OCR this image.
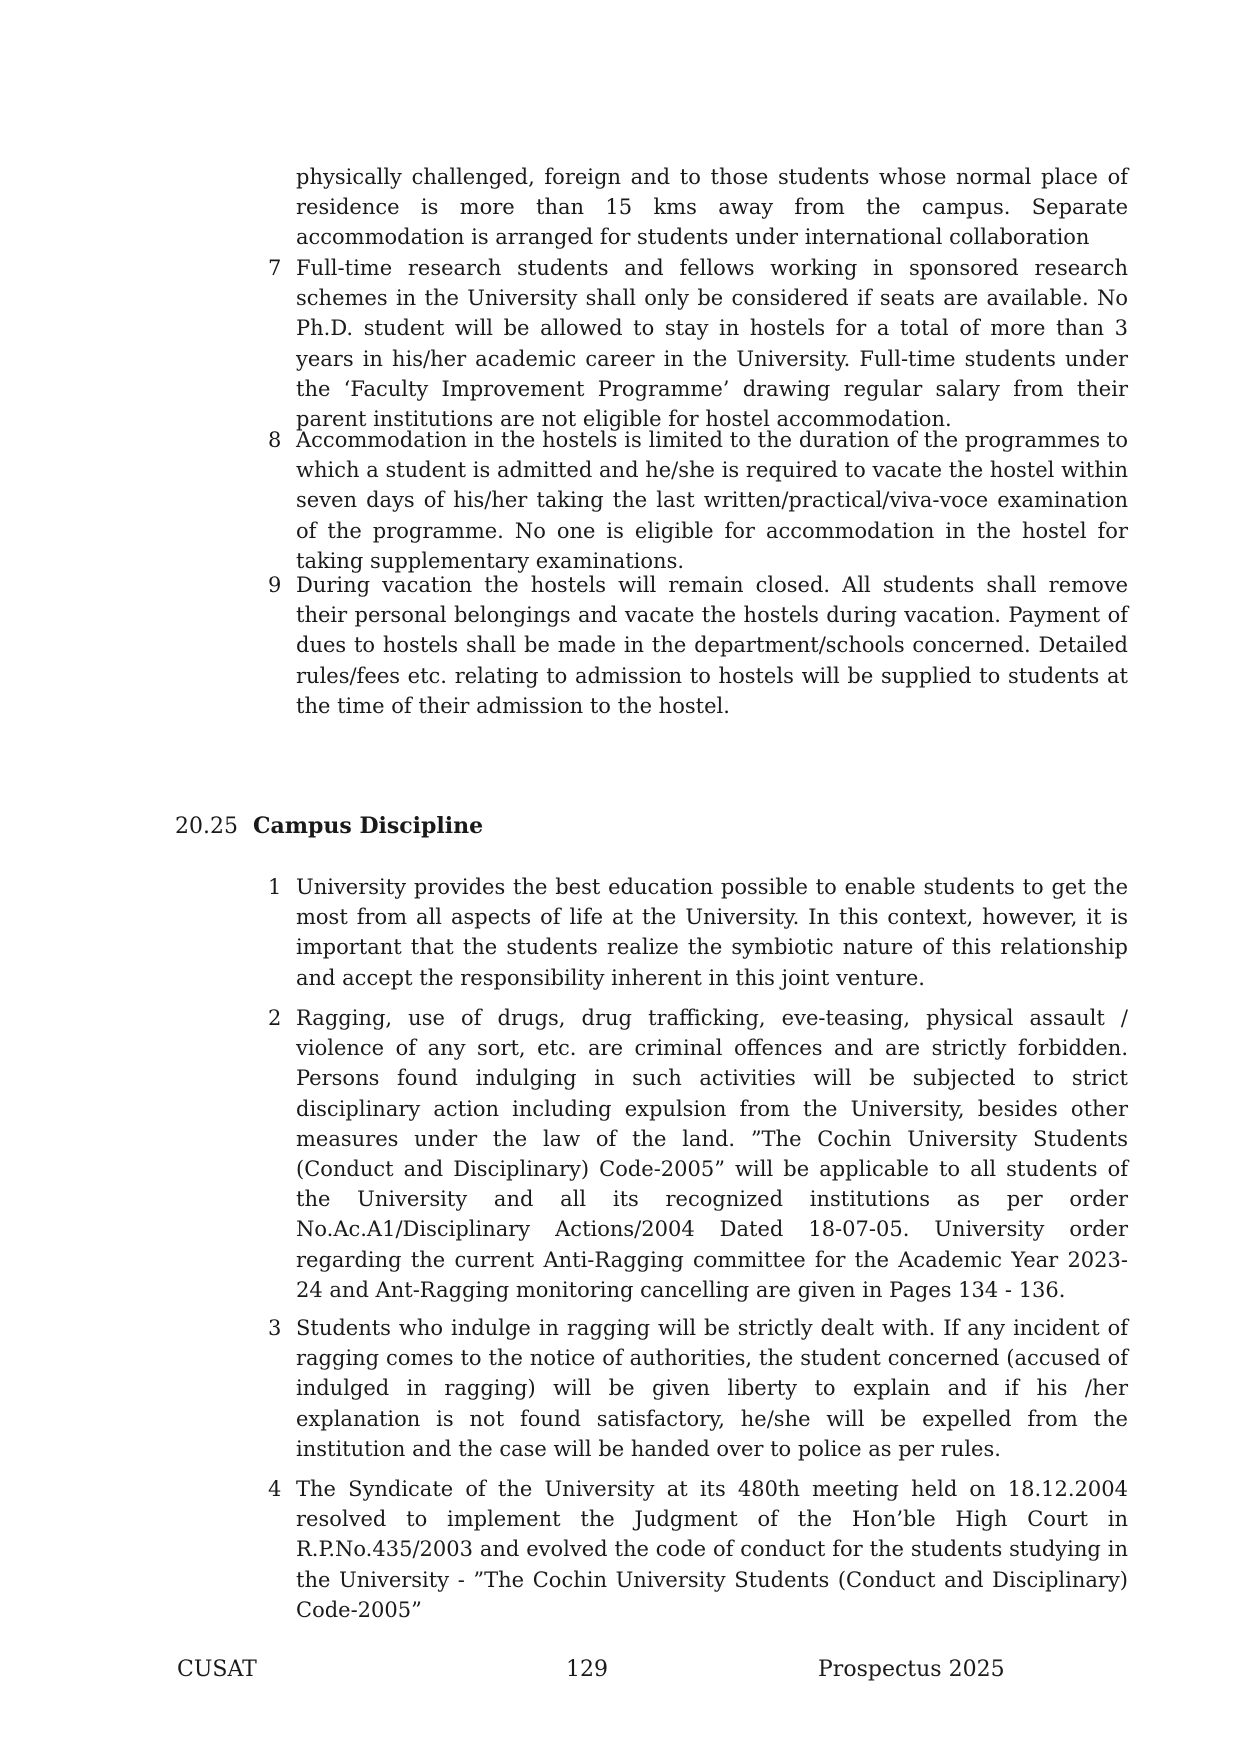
physically challenged, foreign and to those students whose normal place of residence is more than 15 kms away from the campus. Separate accommodation is arranged for students under international collaboration

7 Full-time research students and fellows working in sponsored research schemes in the University shall only be considered if seats are available. No Ph.D. student will be allowed to stay in hostels for a total of more than 3 years in his/her academic career in the University. Full-time students under the ‘Faculty Improvement Programme’ drawing regular salary from their parent institutions are not eligible for hostel accommodation.
8 Accommodation in the hostels is limited to the duration of the programmes to which a student is admitted and he/she is required to vacate the hostel within seven days of his/her taking the last written/practical/viva-voce examination of the programme. No one is eligible for accommodation in the hostel for taking supplementary examinations.
9 During vacation the hostels will remain closed. All students shall remove their personal belongings and vacate the hostels during vacation. Payment of dues to hostels shall be made in the department/schools concerned. Detailed rules/fees etc. relating to admission to hostels will be supplied to students at the time of their admission to the hostel.
20.25 Campus Discipline
1 University provides the best education possible to enable students to get the most from all aspects of life at the University. In this context, however, it is important that the students realize the symbiotic nature of this relationship and accept the responsibility inherent in this joint venture.
2 Ragging, use of drugs, drug trafficking, eve-teasing, physical assault / violence of any sort, etc. are criminal offences and are strictly forbidden. Persons found indulging in such activities will be subjected to strict disciplinary action including expulsion from the University, besides other measures under the law of the land. ”The Cochin University Students (Conduct and Disciplinary) Code-2005” will be applicable to all students of the University and all its recognized institutions as per order No.Ac.A1/Disciplinary Actions/2004 Dated 18-07-05. University order regarding the current Anti-Ragging committee for the Academic Year 2023-24 and Ant-Ragging monitoring cancelling are given in Pages 134 - 136.
3 Students who indulge in ragging will be strictly dealt with. If any incident of ragging comes to the notice of authorities, the student concerned (accused of indulged in ragging) will be given liberty to explain and if his /her explanation is not found satisfactory, he/she will be expelled from the institution and the case will be handed over to police as per rules.
4 The Syndicate of the University at its 480th meeting held on 18.12.2004 resolved to implement the Judgment of the Hon’ble High Court in R.P.No.435/2003 and evolved the code of conduct for the students studying in the University - ”The Cochin University Students (Conduct and Disciplinary) Code-2005”
CUSAT	129	Prospectus 2025
